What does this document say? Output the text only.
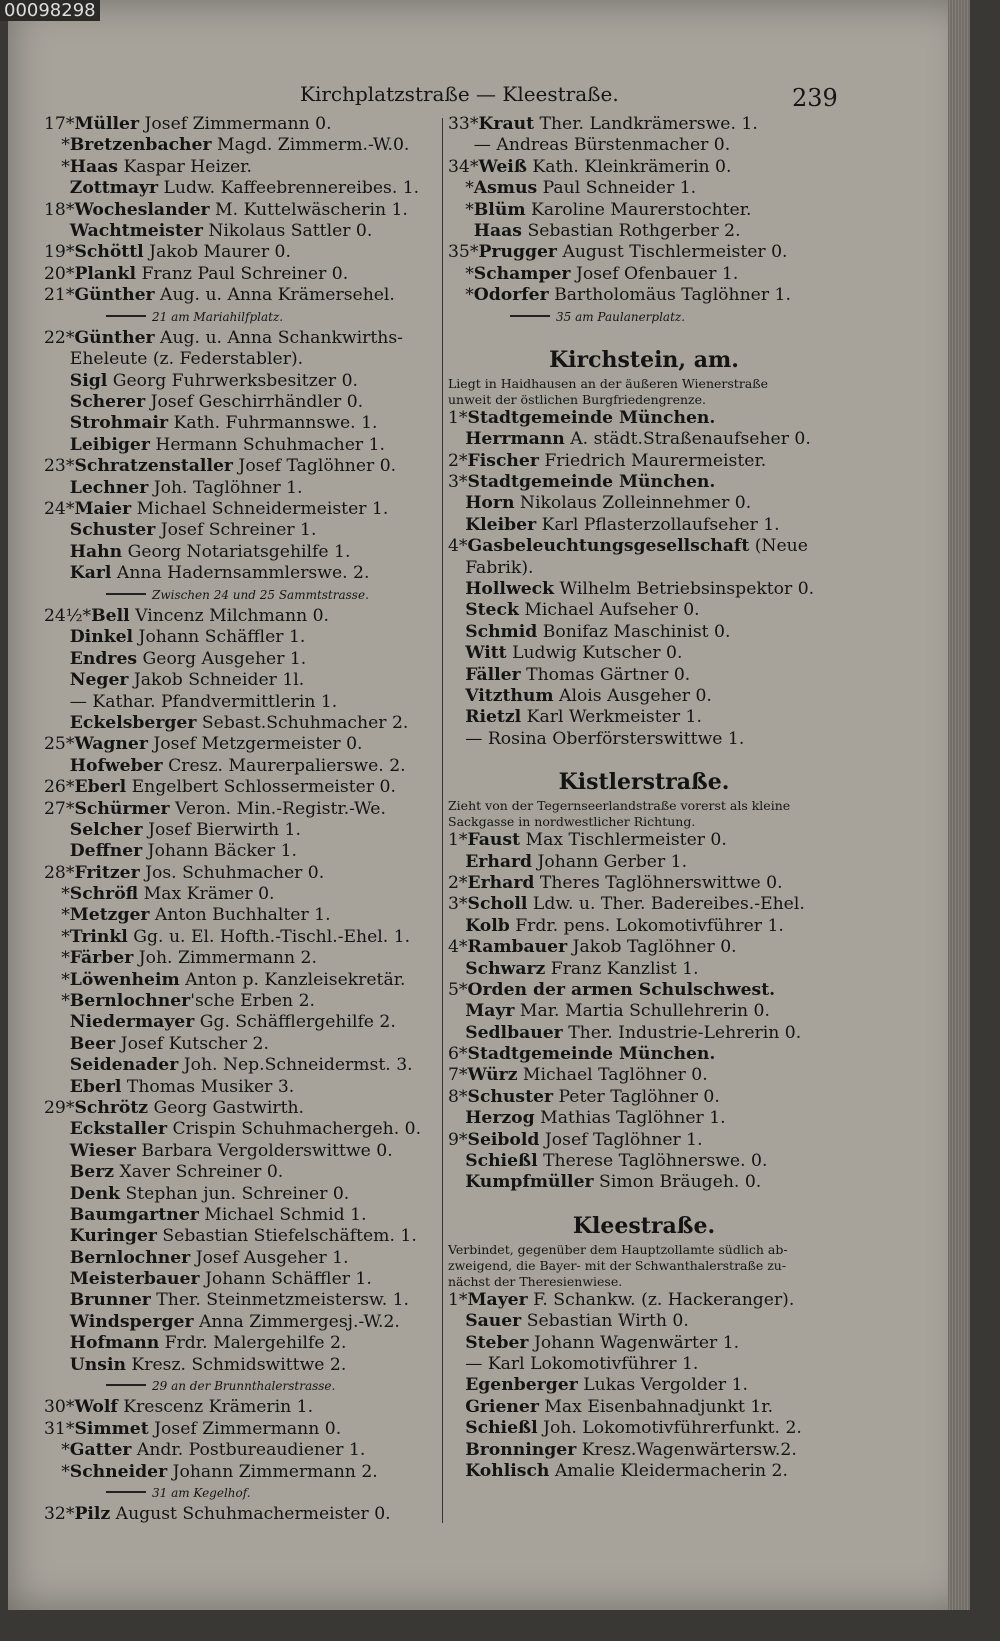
00098298
Kirchplatzstraße — Kleestraße.	239
17*Müller Josef Zimmermann 0.
  *Bretzenbacher Magd. Zimmerm.-W.0.
  *Haas Kaspar Heizer.
   Zottmayr Ludw. Kaffeebrennereibes. 1.
18*Wocheslander M. Kuttelwäscherin 1.
   Wachtmeister Nikolaus Sattler 0.
19*Schöttl Jakob Maurer 0.
20*Plankl Franz Paul Schreiner 0.
21*Günther Aug. u. Anna Krämersehel.
21 am Mariahilfplatz.
22*Günther Aug. u. Anna Schankwirths-
   Eheleute (z. Federstabler).
   Sigl Georg Fuhrwerksbesitzer 0.
   Scherer Josef Geschirrhändler 0.
   Strohmair Kath. Fuhrmannswe. 1.
   Leibiger Hermann Schuhmacher 1.
23*Schratzenstaller Josef Taglöhner 0.
   Lechner Joh. Taglöhner 1.
24*Maier Michael Schneidermeister 1.
   Schuster Josef Schreiner 1.
   Hahn Georg Notariatsgehilfe 1.
   Karl Anna Hadernsammlerswe. 2.
Zwischen 24 und 25 Sammtstrasse.
24½*Bell Vincenz Milchmann 0.
   Dinkel Johann Schäffler 1.
   Endres Georg Ausgeher 1.
   Neger Jakob Schneider 1l.
   — Kathar. Pfandvermittlerin 1.
   Eckelsberger Sebast.Schuhmacher 2.
25*Wagner Josef Metzgermeister 0.
   Hofweber Cresz. Maurerpalierswe. 2.
26*Eberl Engelbert Schlossermeister 0.
27*Schürmer Veron. Min.-Registr.-We.
   Selcher Josef Bierwirth 1.
   Deffner Johann Bäcker 1.
28*Fritzer Jos. Schuhmacher 0.
  *Schröfl Max Krämer 0.
  *Metzger Anton Buchhalter 1.
  *Trinkl Gg. u. El. Hofth.-Tischl.-Ehel. 1.
  *Färber Joh. Zimmermann 2.
  *Löwenheim Anton p. Kanzleisekretär.
  *Bernlochner'sche Erben 2.
   Niedermayer Gg. Schäfflergehilfe 2.
   Beer Josef Kutscher 2.
   Seidenader Joh. Nep.Schneidermst. 3.
   Eberl Thomas Musiker 3.
29*Schrötz Georg Gastwirth.
   Eckstaller Crispin Schuhmachergeh. 0.
   Wieser Barbara Vergolderswittwe 0.
   Berz Xaver Schreiner 0.
   Denk Stephan jun. Schreiner 0.
   Baumgartner Michael Schmid 1.
   Kuringer Sebastian Stiefelschäftem. 1.
   Bernlochner Josef Ausgeher 1.
   Meisterbauer Johann Schäffler 1.
   Brunner Ther. Steinmetzmeistersw. 1.
   Windsperger Anna Zimmergesj.-W.2.
   Hofmann Frdr. Malergehilfe 2.
   Unsin Kresz. Schmidswittwe 2.
29 an der Brunnthalerstrasse.
30*Wolf Krescenz Krämerin 1.
31*Simmet Josef Zimmermann 0.
  *Gatter Andr. Postbureaudiener 1.
  *Schneider Johann Zimmermann 2.
31 am Kegelhof.
32*Pilz August Schuhmachermeister 0.
33*Kraut Ther. Landkrämerswe. 1.
   — Andreas Bürstenmacher 0.
34*Weiß Kath. Kleinkrämerin 0.
  *Asmus Paul Schneider 1.
  *Blüm Karoline Maurerstochter.
   Haas Sebastian Rothgerber 2.
35*Prugger August Tischlermeister 0.
  *Schamper Josef Ofenbauer 1.
  *Odorfer Bartholomäus Taglöhner 1.
35 am Paulanerplatz.
Kirchstein, am.
Liegt in Haidhausen an der äußeren Wienerstraße
unweit der östlichen Burgfriedengrenze.
1*Stadtgemeinde München.
  Herrmann A. städt.Straßenaufseher 0.
2*Fischer Friedrich Maurermeister.
3*Stadtgemeinde München.
  Horn Nikolaus Zolleinnehmer 0.
  Kleiber Karl Pflasterzollaufseher 1.
4*Gasbeleuchtungsgesellschaft (Neue
  Fabrik).
  Hollweck Wilhelm Betriebsinspektor 0.
  Steck Michael Aufseher 0.
  Schmid Bonifaz Maschinist 0.
  Witt Ludwig Kutscher 0.
  Fäller Thomas Gärtner 0.
  Vitzthum Alois Ausgeher 0.
  Rietzl Karl Werkmeister 1.
  — Rosina Oberförsterswittwe 1.
Kistlerstraße.
Zieht von der Tegernseerlandstraße vorerst als kleine
Sackgasse in nordwestlicher Richtung.
1*Faust Max Tischlermeister 0.
  Erhard Johann Gerber 1.
2*Erhard Theres Taglöhnerswittwe 0.
3*Scholl Ldw. u. Ther. Badereibes.-Ehel.
  Kolb Frdr. pens. Lokomotivführer 1.
4*Rambauer Jakob Taglöhner 0.
  Schwarz Franz Kanzlist 1.
5*Orden der armen Schulschwest.
  Mayr Mar. Martia Schullehrerin 0.
  Sedlbauer Ther. Industrie-Lehrerin 0.
6*Stadtgemeinde München.
7*Würz Michael Taglöhner 0.
8*Schuster Peter Taglöhner 0.
  Herzog Mathias Taglöhner 1.
9*Seibold Josef Taglöhner 1.
  Schießl Therese Taglöhnerswe. 0.
  Kumpfmüller Simon Bräugeh. 0.
Kleestraße.
Verbindet, gegenüber dem Hauptzollamte südlich ab-
zweigend, die Bayer- mit der Schwanthalerstraße zu-
nächst der Theresienwiese.
1*Mayer F. Schankw. (z. Hackeranger).
  Sauer Sebastian Wirth 0.
  Steber Johann Wagenwärter 1.
  — Karl Lokomotivführer 1.
  Egenberger Lukas Vergolder 1.
  Griener Max Eisenbahnadjunkt 1r.
  Schießl Joh. Lokomotivführerfunkt. 2.
  Bronninger Kresz.Wagenwärtersw.2.
  Kohlisch Amalie Kleidermacherin 2.
